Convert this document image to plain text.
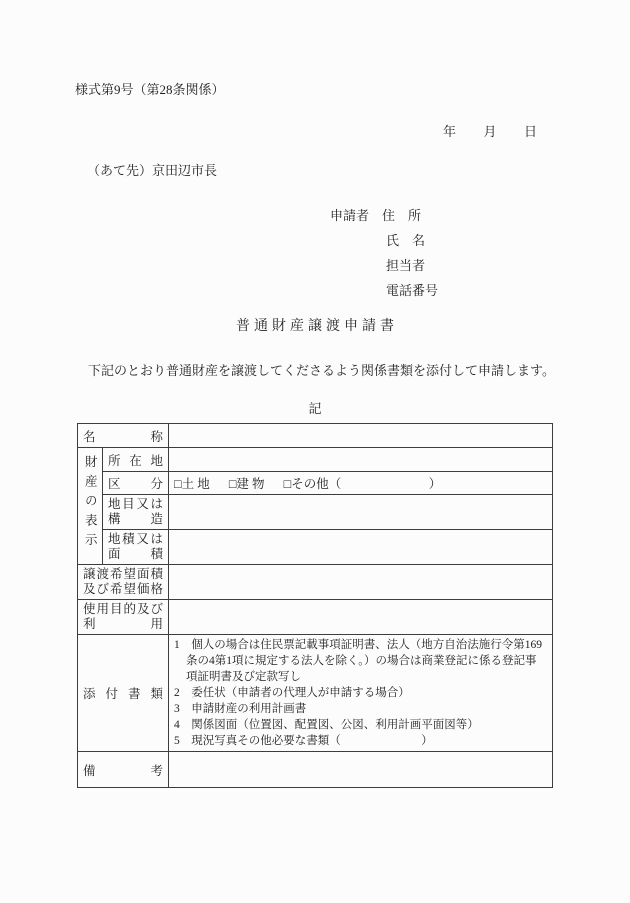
様式第9号（第28条関係）
年　　月　　日
（あて先）京田辺市長
申請者　住　所
氏　名
担当者
電話番号
普通財産譲渡申請書
　下記のとおり普通財産を譲渡してくださるよう関係書類を添付して申請します。
記
名称		

財産の表示	所在地	

	区分	□土 地 □建 物 □その他（　　　　　　　）

	地目又は
構造	

	地積又は
面積	

譲渡希望面積
及び希望価格		

使用目的及び
利用		

添付書類		1　個人の場合は住民票記載事項証明書、法人（地方自治法施行令第169条の4第1項に規定する法人を除く。）の場合は商業登記に係る登記事項証明書及び定款写し
2　委任状（申請者の代理人が申請する場合）
3　申請財産の利用計画書
4　関係図面（位置図、配置図、公図、利用計画平面図等）
5　現況写真その他必要な書類（　　　　　　　）

備考		
